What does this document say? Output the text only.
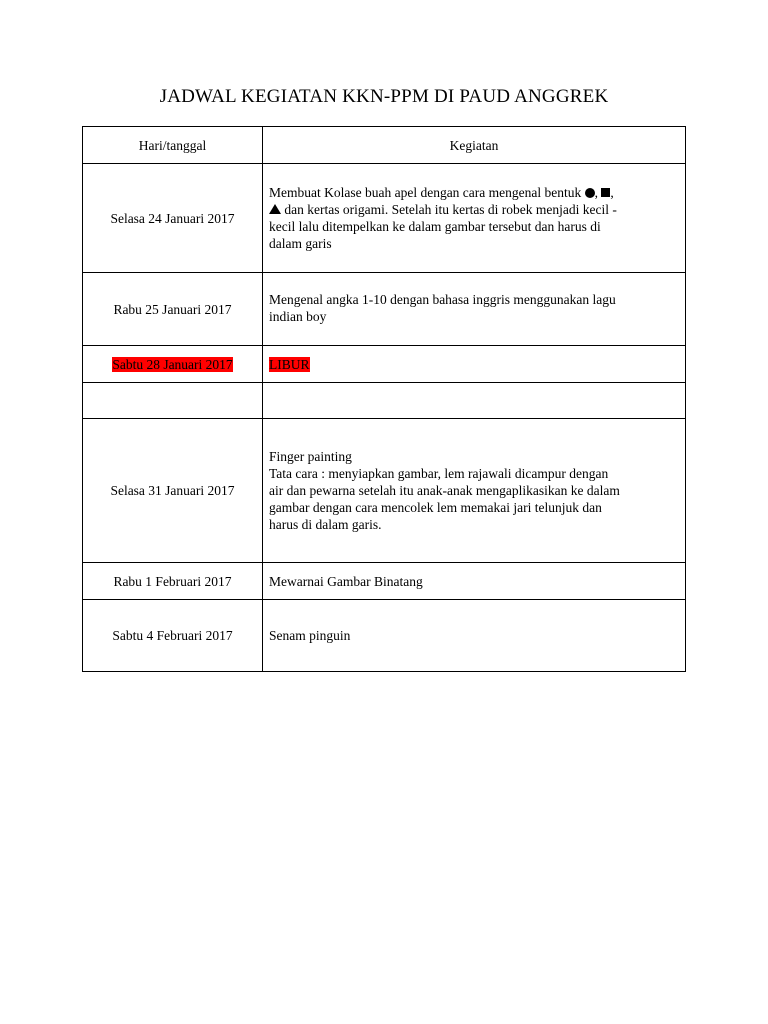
JADWAL KEGIATAN KKN-PPM DI PAUD ANGGREK
Hari/tanggal	Kegiatan
Selasa 24 Januari 2017	Membuat Kolase buah apel dengan cara mengenal bentuk , ,
dan kertas origami. Setelah itu kertas di robek menjadi kecil -
kecil lalu ditempelkan ke dalam gambar tersebut dan harus di
dalam garis

Rabu 25 Januari 2017	Mengenal angka 1-10 dengan bahasa inggris menggunakan lagu
indian boy

Sabtu 28 Januari 2017	LIBUR

Selasa 31 Januari 2017	Finger painting
Tata cara : menyiapkan gambar, lem rajawali dicampur dengan
air dan pewarna setelah itu anak-anak mengaplikasikan ke dalam
gambar dengan cara mencolek lem memakai jari telunjuk dan
harus di dalam garis.

Rabu 1 Februari 2017	Mewarnai Gambar Binatang
Sabtu 4 Februari 2017	Senam pinguin
